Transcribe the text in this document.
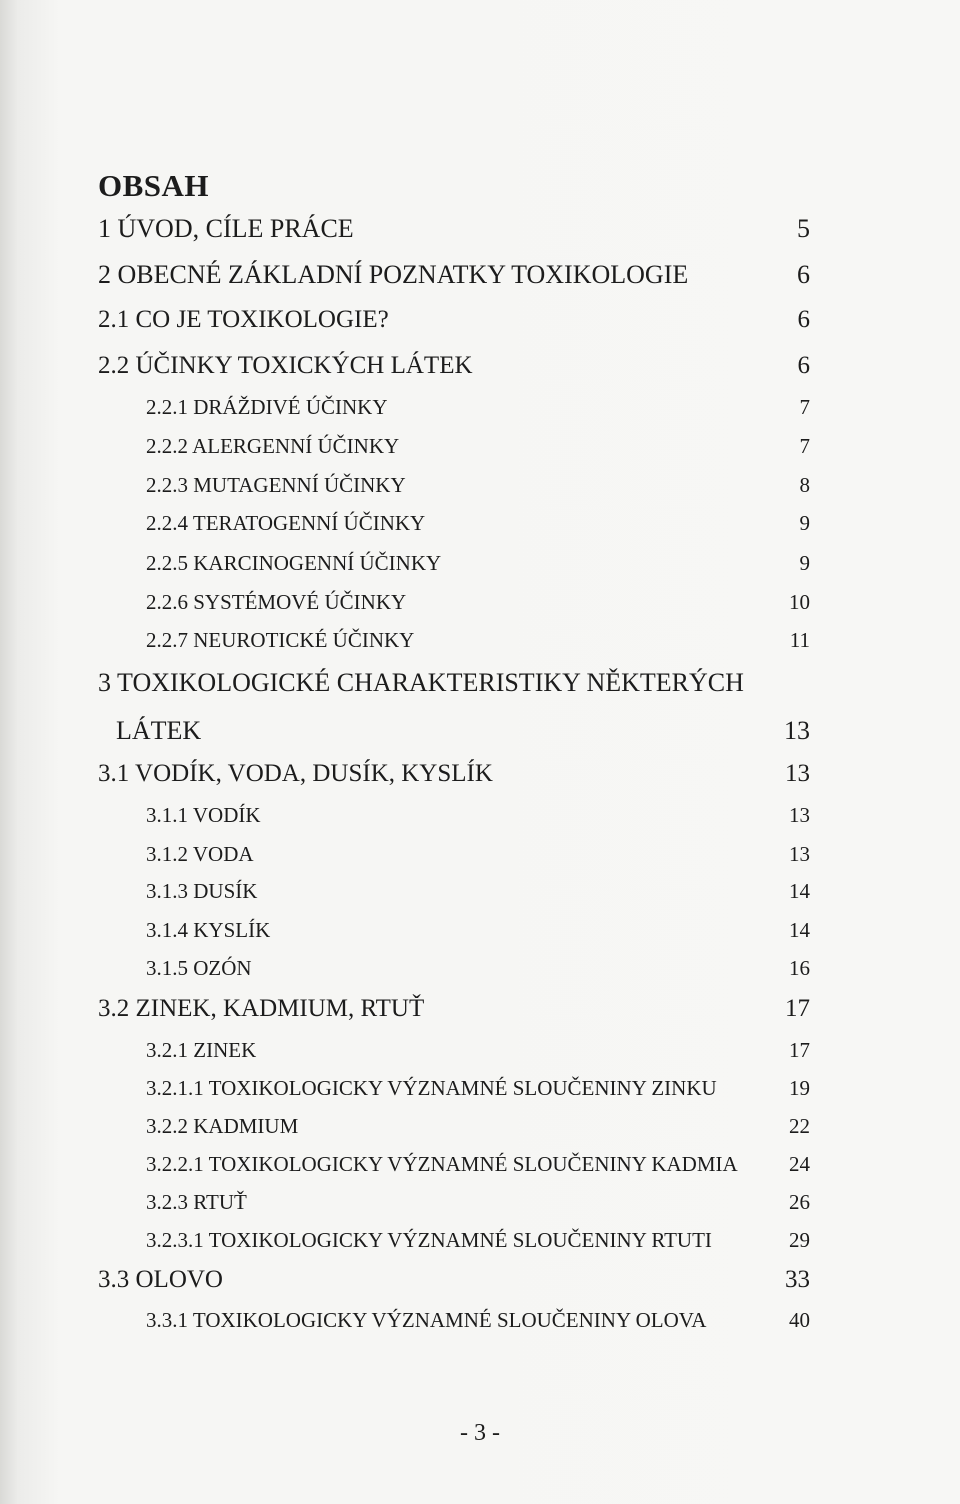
OBSAH
1 ÚVOD, CÍLE PRÁCE	5
2 OBECNÉ ZÁKLADNÍ POZNATKY TOXIKOLOGIE	6
2.1 CO JE TOXIKOLOGIE?	6
2.2 ÚČINKY TOXICKÝCH LÁTEK	6
2.2.1 DRÁŽDIVÉ ÚČINKY	7
2.2.2 ALERGENNÍ ÚČINKY	7
2.2.3 MUTAGENNÍ ÚČINKY	8
2.2.4 TERATOGENNÍ ÚČINKY	9
2.2.5 KARCINOGENNÍ ÚČINKY	9
2.2.6 SYSTÉMOVÉ ÚČINKY	10
2.2.7 NEUROTICKÉ ÚČINKY	11
3 TOXIKOLOGICKÉ CHARAKTERISTIKY NĚKTERÝCH
LÁTEK	13
3.1 VODÍK, VODA, DUSÍK, KYSLÍK	13
3.1.1 VODÍK	13
3.1.2 VODA	13
3.1.3 DUSÍK	14
3.1.4 KYSLÍK	14
3.1.5 OZÓN	16
3.2 ZINEK, KADMIUM, RTUŤ	17
3.2.1 ZINEK	17
3.2.1.1 TOXIKOLOGICKY VÝZNAMNÉ SLOUČENINY ZINKU	19
3.2.2 KADMIUM	22
3.2.2.1 TOXIKOLOGICKY VÝZNAMNÉ SLOUČENINY KADMIA 24
3.2.3 RTUŤ	26
3.2.3.1 TOXIKOLOGICKY VÝZNAMNÉ SLOUČENINY RTUTI	29
3.3 OLOVO	33
3.3.1 TOXIKOLOGICKY VÝZNAMNÉ SLOUČENINY OLOVA	40
- 3 -
